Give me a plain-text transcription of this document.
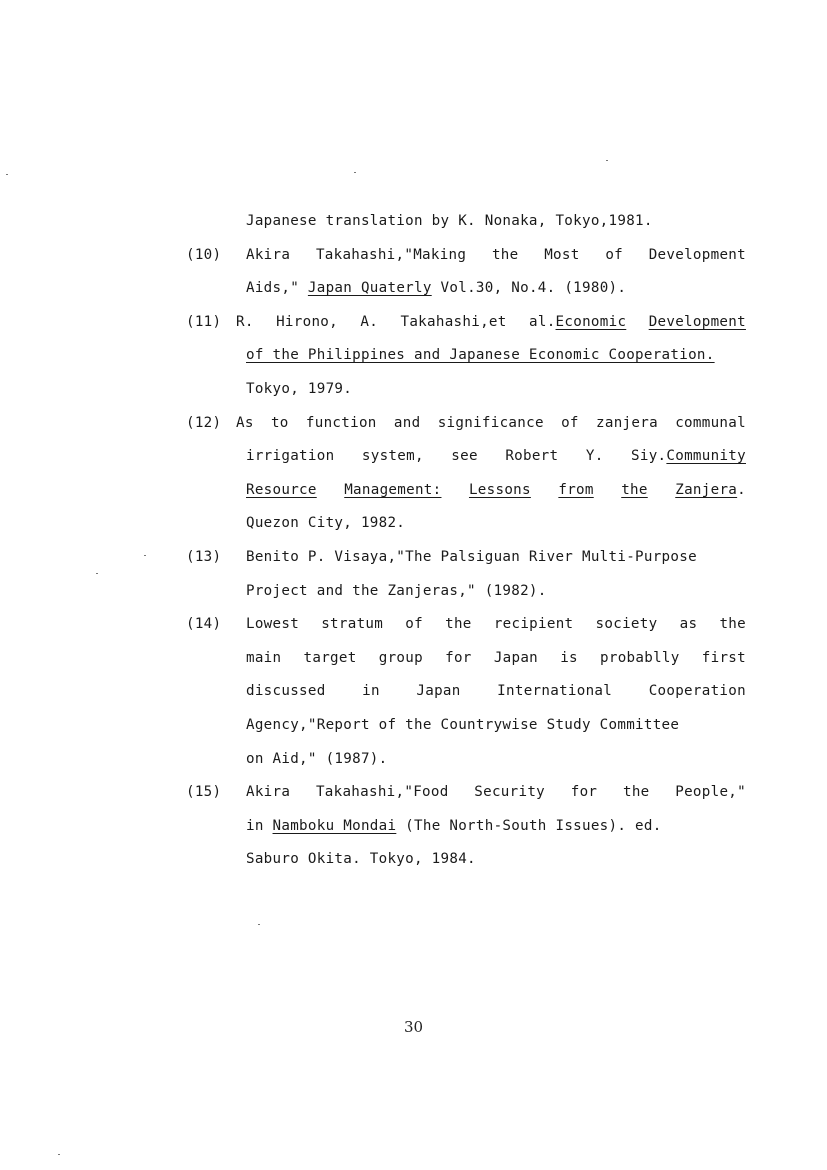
Japanese translation by K. Nonaka, Tokyo,1981.
(10) Akira Takahashi,"Making the Most of Development
Aids," Japan Quaterly Vol.30, No.4. (1980).
(11) R. Hirono, A. Takahashi,et al.Economic Development
of the Philippines and Japanese Economic Cooperation.
Tokyo, 1979.
(12) As to function and significance of zanjera communal
irrigation system, see Robert Y. Siy.Community
Resource Management: Lessons from the Zanjera.
Quezon City, 1982.
(13) Benito P. Visaya,"The Palsiguan River Multi-Purpose
Project and the Zanjeras," (1982).
(14) Lowest stratum of the recipient society as the
main target group for Japan is probablly first
discussed	in	Japan	International	Cooperation
Agency,"Report of the Countrywise Study Committee
on Aid," (1987).
(15) Akira Takahashi,"Food Security for the People,"
in Namboku Mondai (The North-South Issues). ed.
Saburo Okita. Tokyo, 1984.
30
